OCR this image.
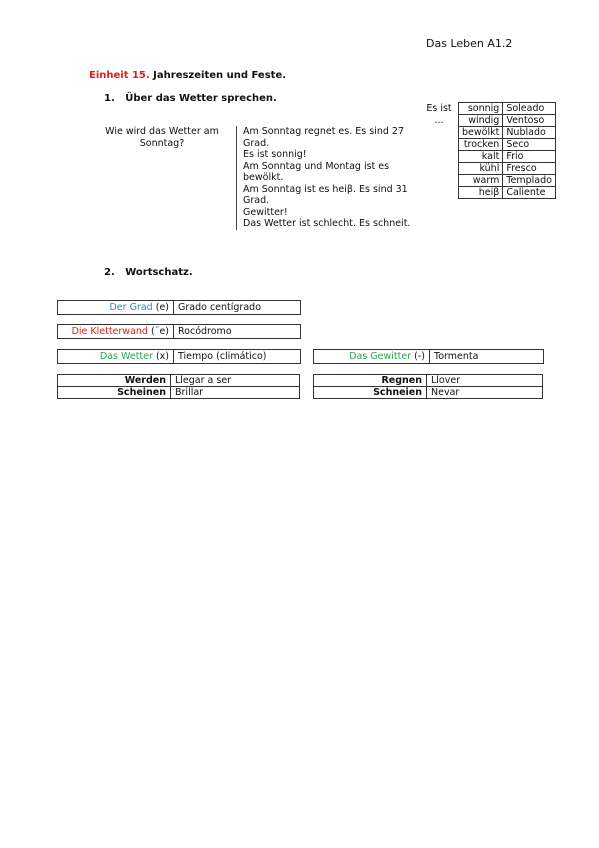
Das Leben A1.2
Einheit 15. Jahreszeiten und Feste.
1. Über das Wetter sprechen.
Wie wird das Wetter am Sonntag?
Am Sonntag regnet es. Es sind 27 Grad.
Es ist sonnig!
Am Sonntag und Montag ist es bewölkt.
Am Sonntag ist es heiβ. Es sind 31 Grad.
Gewitter!
Das Wetter ist schlecht. Es schneit.
Es ist …
sonnig	Soleado
windig	Ventoso
bewölkt	Nublado
trocken	Seco
kalt	Frio
kühl	Fresco
warm	Templado
heiβ	Caliente
2. Wortschatz.
Der Grad (e) Grado centígrado
Die Kletterwand (¨e) Rocódromo
Das Wetter (x) Tiempo (climático)	Das Gewitter (-) Tormenta
Werden	Llegar a ser
Scheinen	Brillar
Regnen	Llover
Schneien	Nevar
